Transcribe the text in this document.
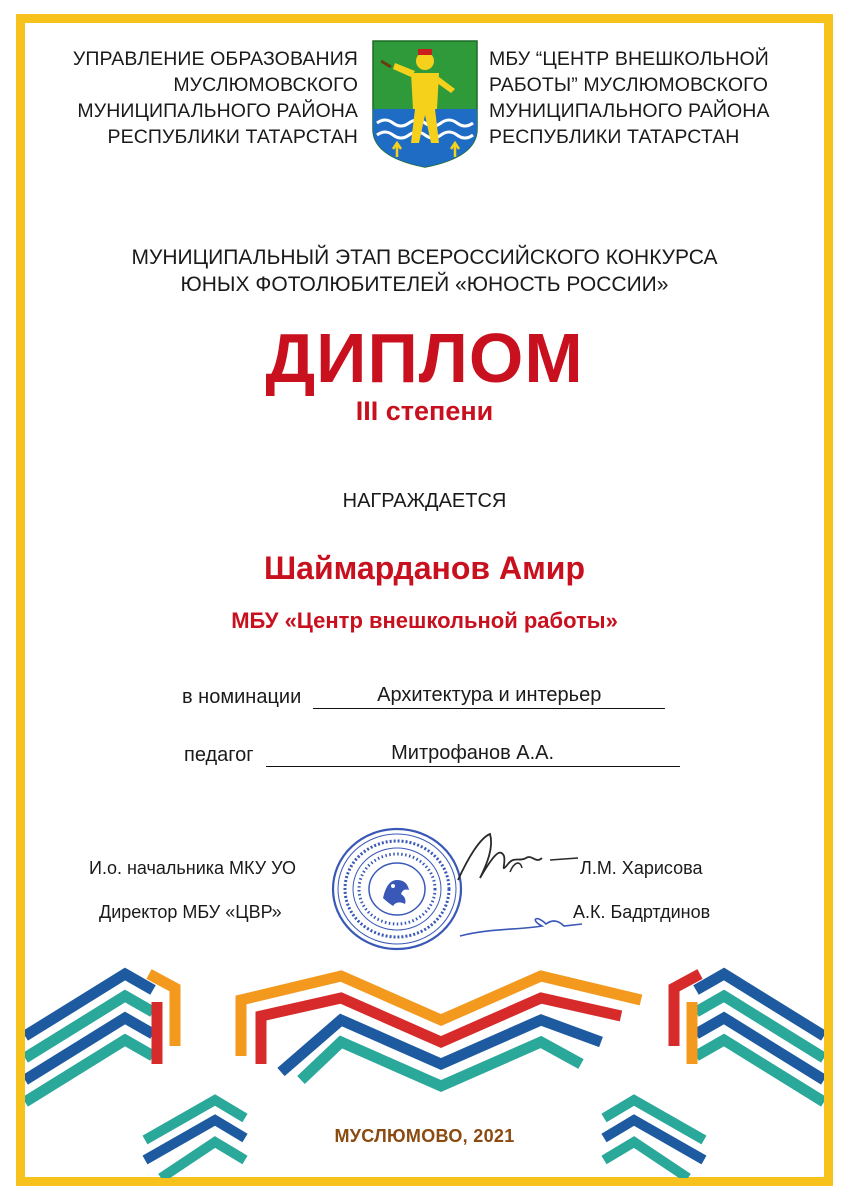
УПРАВЛЕНИЕ ОБРАЗОВАНИЯ
МУСЛЮМОВСКОГО
МУНИЦИПАЛЬНОГО РАЙОНА
РЕСПУБЛИКИ ТАТАРСТАН
МБУ “ЦЕНТР ВНЕШКОЛЬНОЙ
РАБОТЫ” МУСЛЮМОВСКОГО
МУНИЦИПАЛЬНОГО РАЙОНА
РЕСПУБЛИКИ ТАТАРСТАН
МУНИЦИПАЛЬНЫЙ ЭТАП ВСЕРОССИЙСКОГО КОНКУРСА
ЮНЫХ ФОТОЛЮБИТЕЛЕЙ «ЮНОСТЬ РОССИИ»
ДИПЛОМ
III степени
НАГРАЖДАЕТСЯ
Шаймарданов Амир
МБУ «Центр внешкольной работы»
в номинации	Архитектура и интерьер
педагог	Митрофанов А.А.
И.о. начальника МКУ УО
Директор МБУ «ЦВР»
Л.М. Харисова
А.К. Бадртдинов
МУСЛЮМОВО, 2021
